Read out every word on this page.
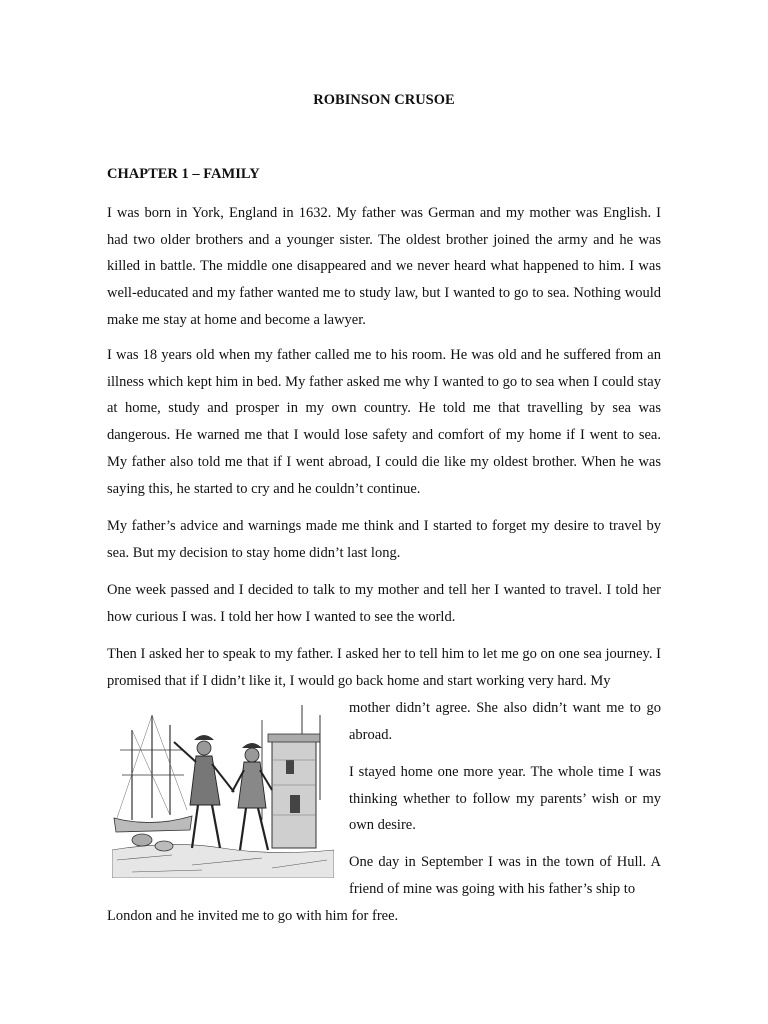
ROBINSON CRUSOE
CHAPTER 1 – FAMILY

I was born in York, England in 1632. My father was German and my mother was English. I had two older brothers and a younger sister. The oldest brother joined the army and he was killed in battle. The middle one disappeared and we never heard what happened to him. I was well-educated and my father wanted me to study law, but I wanted to go to sea. Nothing would make me stay at home and become a lawyer.

I was 18 years old when my father called me to his room. He was old and he suffered from an illness which kept him in bed. My father asked me why I wanted to go to sea when I could stay at home, study and prosper in my own country. He told me that travelling by sea was dangerous. He warned me that I would lose safety and comfort of my home if I went to sea. My father also told me that if I went abroad, I could die like my oldest brother. When he was saying this, he started to cry and he couldn’t continue.

My father’s advice and warnings made me think and I started to forget my desire to travel by sea. But my decision to stay home didn’t last long.

One week passed and I decided to talk to my mother and tell her I wanted to travel. I told her how curious I was. I told her how I wanted to see the world.

Then I asked her to speak to my father. I asked her to tell him to let me go on one sea journey. I promised that if I didn’t like it, I would go back home and start working very hard. My

mother didn’t agree. She also didn’t want me to go abroad.

I stayed home one more year. The whole time I was thinking whether to follow my parents’ wish or my own desire.

One day in September I was in the town of Hull. A friend of mine was going with his father’s ship to

London and he invited me to go with him for free.
